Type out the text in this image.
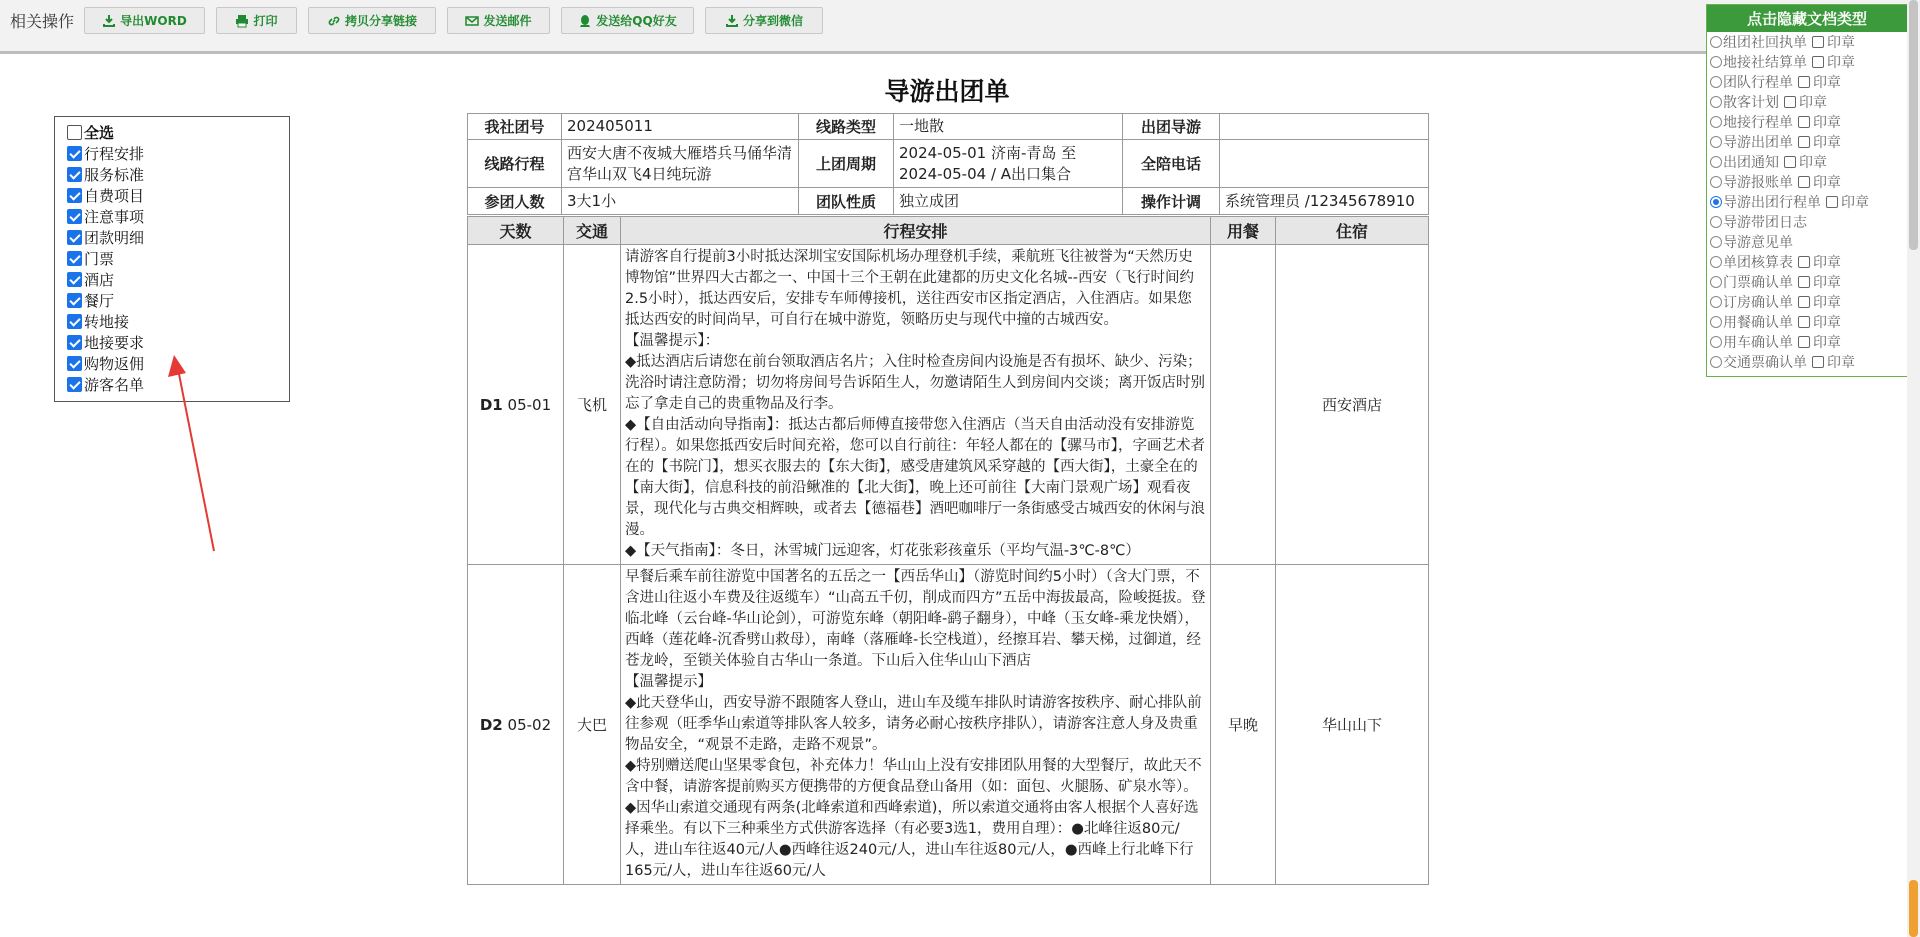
相关操作	导出WORD	打印	拷贝分享链接	发送邮件	发送给QQ好友	分享到微信
全选
行程安排
服务标准
自费项目
注意事项
团款明细
门票
酒店
餐厅
转地接
地接要求
购物返佣
游客名单
导游出团单
我社团号	202405011	线路类型	一地散	出团导游	
线路行程	西安大唐不夜城大雁塔兵马俑华清宫华山双飞4日纯玩游	上团周期	2024-05-01 济南-青岛 至2024-05-04 / A出口集合	全陪电话	
参团人数	3大1小	团队性质	独立成团	操作计调	系统管理员 /12345678910
天数	交通	行程安排	用餐	住宿
D1 05-01	飞机	请游客自行提前3小时抵达深圳宝安国际机场办理登机手续，乘航班飞往被誉为“天然历史博物馆”世界四大古都之一、中国十三个王朝在此建都的历史文化名城--西安（飞行时间约2.5小时），抵达西安后，安排专车师傅接机，送往西安市区指定酒店，入住酒店。如果您抵达西安的时间尚早，可自行在城中游览，领略历史与现代中撞的古城西安。

【温馨提示】：

◆抵达酒店后请您在前台领取酒店名片；入住时检查房间内设施是否有损坏、缺少、污染；洗浴时请注意防滑；切勿将房间号告诉陌生人，勿邀请陌生人到房间内交谈；离开饭店时别忘了拿走自己的贵重物品及行李。

◆【自由活动向导指南】：抵达古都后师傅直接带您入住酒店（当天自由活动没有安排游览行程）。如果您抵西安后时间充裕，您可以自行前往：年轻人都在的【骡马市】，字画艺术者在的【书院门】，想买衣服去的【东大街】，感受唐建筑风采穿越的【西大街】，土豪全在的【南大街】，信息科技的前沿鳅准的【北大街】，晚上还可前往【大南门景观广场】观看夜景，现代化与古典交相辉映，或者去【德福巷】酒吧咖啡厅一条街感受古城西安的休闲与浪漫。

◆【天气指南】：冬日，沐雪城门远迎客，灯花张彩孩童乐（平均气温-3℃-8℃）		西安酒店
D2 05-02	大巴	早餐后乘车前往游览中国著名的五岳之一【西岳华山】（游览时间约5小时）（含大门票，不含进山往返小车费及往返缆车）“山高五千仞，削成而四方”五岳中海拔最高，险峻挺拔。登临北峰（云台峰-华山论剑），可游览东峰（朝阳峰-鹞子翻身），中峰（玉女峰-乘龙快婿），西峰（莲花峰-沉香劈山救母），南峰（落雁峰-长空栈道），经擦耳岩、攀天梯，过御道，经苍龙岭，至锁关体验自古华山一条道。下山后入住华山山下酒店

【温馨提示】

◆此天登华山，西安导游不跟随客人登山，进山车及缆车排队时请游客按秩序、耐心排队前往参观（旺季华山索道等排队客人较多，请务必耐心按秩序排队），请游客注意人身及贵重物品安全，“观景不走路，走路不观景”。

◆特别赠送爬山坚果零食包，补充体力！华山山上没有安排团队用餐的大型餐厅，故此天不含中餐，请游客提前购买方便携带的方便食品登山备用（如：面包、火腿肠、矿泉水等）。

◆因华山索道交通现有两条(北峰索道和西峰索道)，所以索道交通将由客人根据个人喜好选择乘坐。有以下三种乘坐方式供游客选择（有必要3选1，费用自理）：●北峰往返80元/人，进山车往返40元/人●西峰往返240元/人，进山车往返80元/人，●西峰上行北峰下行165元/人，进山车往返60元/人	早晚	华山山下
点击隐藏文档类型
组团社回执单 印章
地接社结算单 印章
团队行程单 印章
散客计划 印章
地接行程单 印章
导游出团单 印章
出团通知 印章
导游报账单 印章
导游出团行程单 印章
导游带团日志
导游意见单
单团核算表 印章
门票确认单 印章
订房确认单 印章
用餐确认单 印章
用车确认单 印章
交通票确认单 印章
